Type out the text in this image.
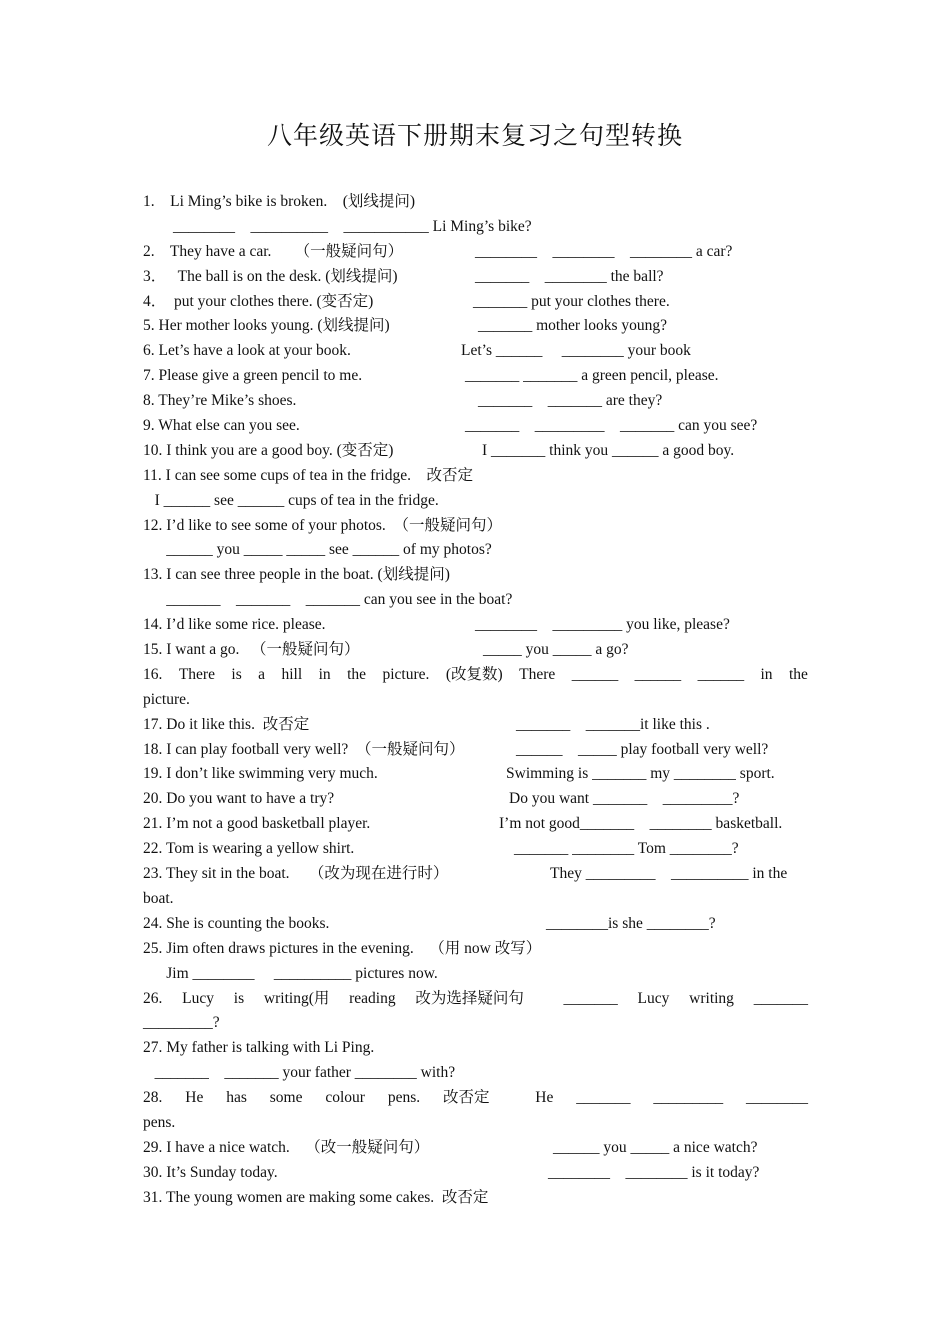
八年级英语下册期末复习之句型转换

1.    Li Ming’s bike is broken.    (划线提问)

________    __________    ___________ Li Ming’s bike?

2.    They have a car.      （一般疑问句）

	________    ________    ________ a car?

3．   The ball is on the desk. (划线提问)

	_______    ________ the ball?

4．  put your clothes there. (变否定)

	_______ put your clothes there.

5. Her mother looks young. (划线提问)

	_______ mother looks young?

6. Let’s have a look at your book.

	Let’s ______     ________ your book

7. Please give a green pencil to me.

	_______ _______ a green pencil, please.

8. They’re Mike’s shoes.

	_______    _______ are they?

9. What else can you see.

	_______    _________    _______ can you see?

10. I think you are a good boy. (变否定)

	I _______ think you ______ a good boy.

11. I can see some cups of tea in the fridge.    改否定

I ______ see ______ cups of tea in the fridge.

12. I’d like to see some of your photos.  （一般疑问句）

______ you _____ _____ see ______ of my photos?

13. I can see three people in the boat. (划线提问)

_______    _______    _______ can you see in the boat?

14. I’d like some rice. please.

	________    _________ you like, please?

15. I want a go.   （一般疑问句）

	_____ you _____ a go?

16. There is a hill in the picture. (改复数) There ______ ______ ______ in the

picture.

17. Do it like this.  改否定

	_______    _______it like this .

18. I can play football very well?  （一般疑问句）

	______    _____ play football very well?

19. I don’t like swimming very much.

	Swimming is _______ my ________ sport.

20. Do you want to have a try?

	Do you want _______    _________?

21. I’m not a good basketball player.

	I’m not good_______    ________ basketball.

22. Tom is wearing a yellow shirt.

	_______ ________ Tom ________?

23. They sit in the boat.     （改为现在进行时）

	They _________    __________ in the

boat.

24. She is counting the books.

	________is she ________?

25. Jim often draws pictures in the evening.    （用 now 改写）

Jim ________     __________ pictures now.

26. Lucy is writing(用 reading 改为选择疑问句	_______ Lucy writing _______

_________?

27. My father is talking with Li Ping.

_______    _______ your father ________ with?

28. He has some colour pens. 改否定	He _______ _________ ________

pens.

29. I have a nice watch.    （改一般疑问句）

	______ you _____ a nice watch?

30. It’s Sunday today.

	________    ________ is it today?

31. The young women are making some cakes.  改否定
